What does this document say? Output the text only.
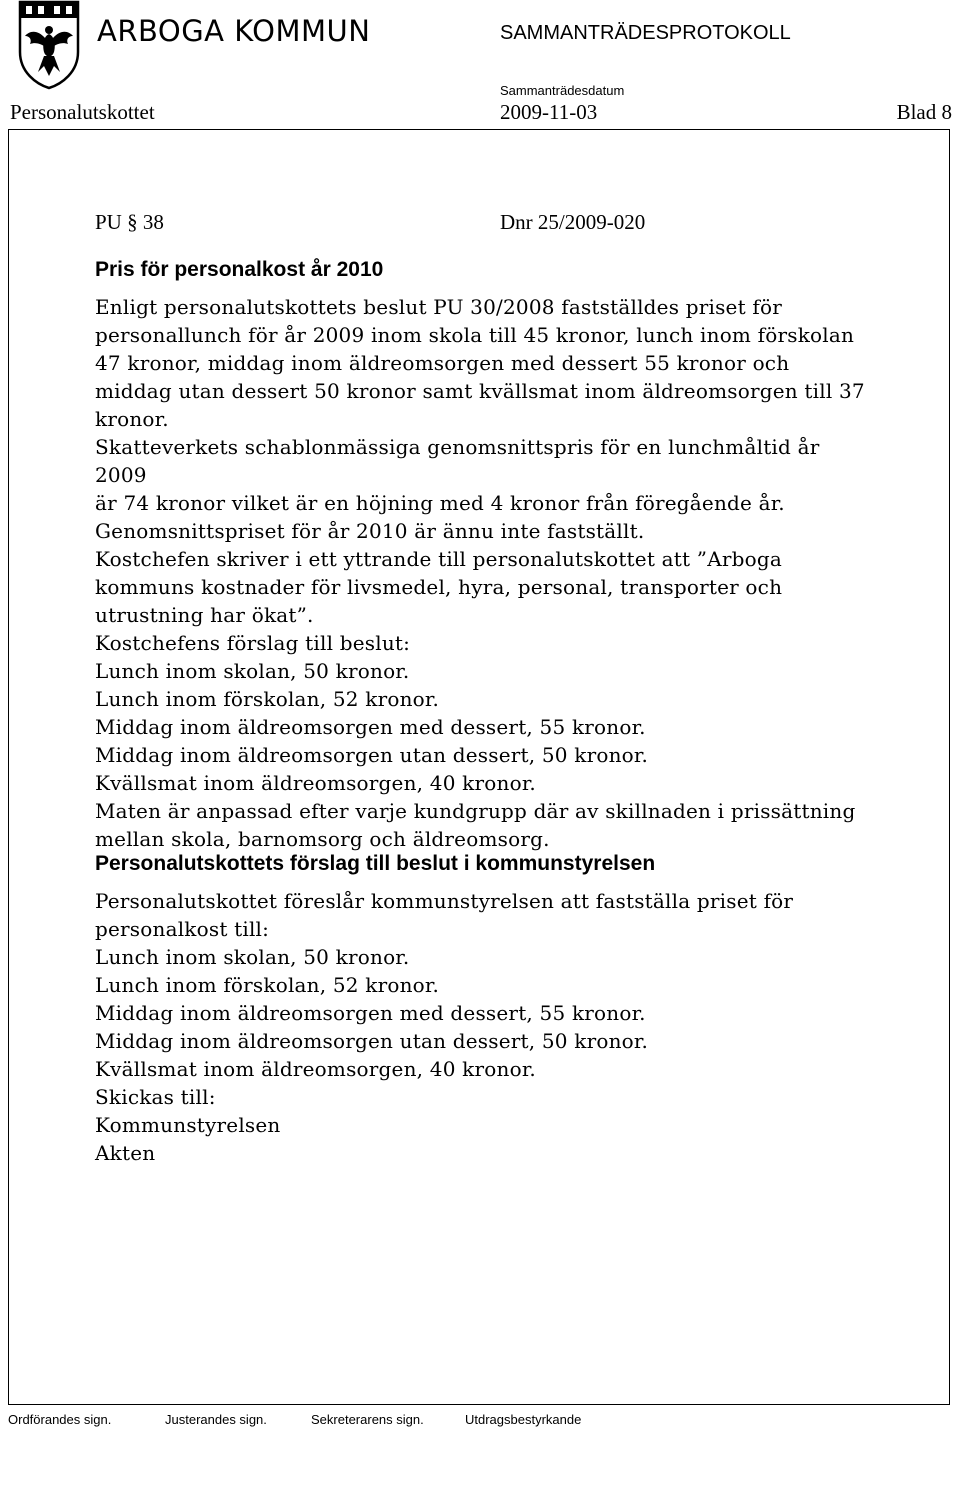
ARBOGA KOMMUN	SAMMANTRÄDESPROTOKOLL
Sammanträdesdatum
Personalutskottet	2009-11-03	Blad 8
PU § 38	Dnr 25/2009-020
Pris för personalkost år 2010

Enligt personalutskottets beslut PU 30/2008 fastställdes priset för
personallunch för år 2009 inom skola till 45 kronor, lunch inom förskolan
47 kronor, middag inom äldreomsorgen med dessert 55 kronor och
middag utan dessert 50 kronor samt kvällsmat inom äldreomsorgen till 37
kronor.

Skatteverkets schablonmässiga genomsnittspris för en lunchmåltid år 2009
är 74 kronor vilket är en höjning med 4 kronor från föregående år.
Genomsnittspriset för år 2010 är ännu inte fastställt.

Kostchefen skriver i ett yttrande till personalutskottet att ”Arboga
kommuns kostnader för livsmedel, hyra, personal, transporter och
utrustning har ökat”.

Kostchefens förslag till beslut:
Lunch inom skolan, 50 kronor.
Lunch inom förskolan, 52 kronor.
Middag inom äldreomsorgen med dessert, 55 kronor.
Middag inom äldreomsorgen utan dessert, 50 kronor.
Kvällsmat inom äldreomsorgen, 40 kronor.

Maten är anpassad efter varje kundgrupp där av skillnaden i prissättning
mellan skola, barnomsorg och äldreomsorg.

Personalutskottets förslag till beslut i kommunstyrelsen

Personalutskottet föreslår kommunstyrelsen att fastställa priset för
personalkost till:
Lunch inom skolan, 50 kronor.
Lunch inom förskolan, 52 kronor.
Middag inom äldreomsorgen med dessert, 55 kronor.
Middag inom äldreomsorgen utan dessert, 50 kronor.
Kvällsmat inom äldreomsorgen, 40 kronor.

Skickas till:
Kommunstyrelsen
Akten

Ordförandes sign.	Justerandes sign.	Sekreterarens sign.	Utdragsbestyrkande
